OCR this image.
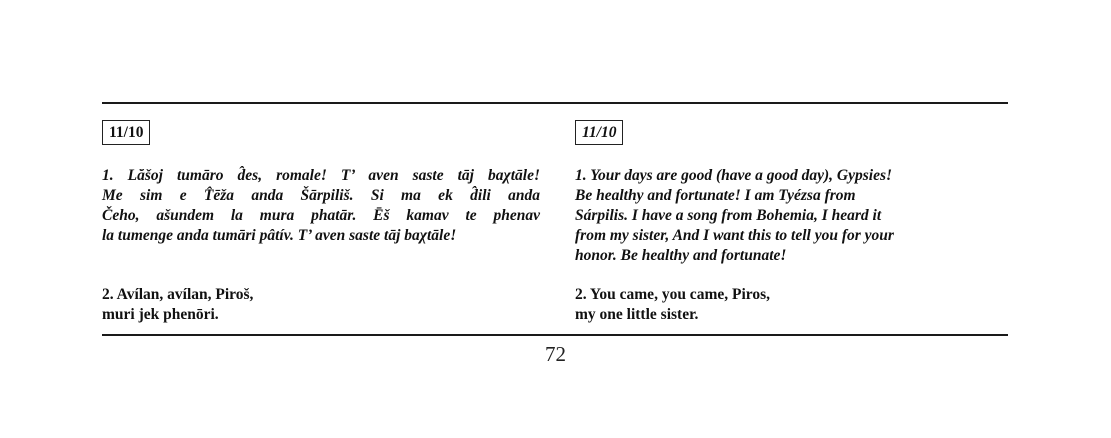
11/10
1. Lăšoj tumāro d̂es, romale! T’ aven saste tāj baχtāle!
Me sim e T̂ēža anda Šārpiliš. Si ma ek d̂ili anda
Čeho, ašundem la mura phatār. Ēš kamav te phenav
la tumenge anda tumāri pâtív. T’ aven saste tāj baχtāle!
2. Avílan, avílan, Piroš,
muri jek phenōri.
11/10
1. Your days are good (have a good day), Gypsies!
Be healthy and fortunate! I am Tyézsa from
Sárpilis. I have a song from Bohemia, I heard it
from my sister, And I want this to tell you for your
honor. Be healthy and fortunate!
2. You came, you came, Piros,
my one little sister.
72
